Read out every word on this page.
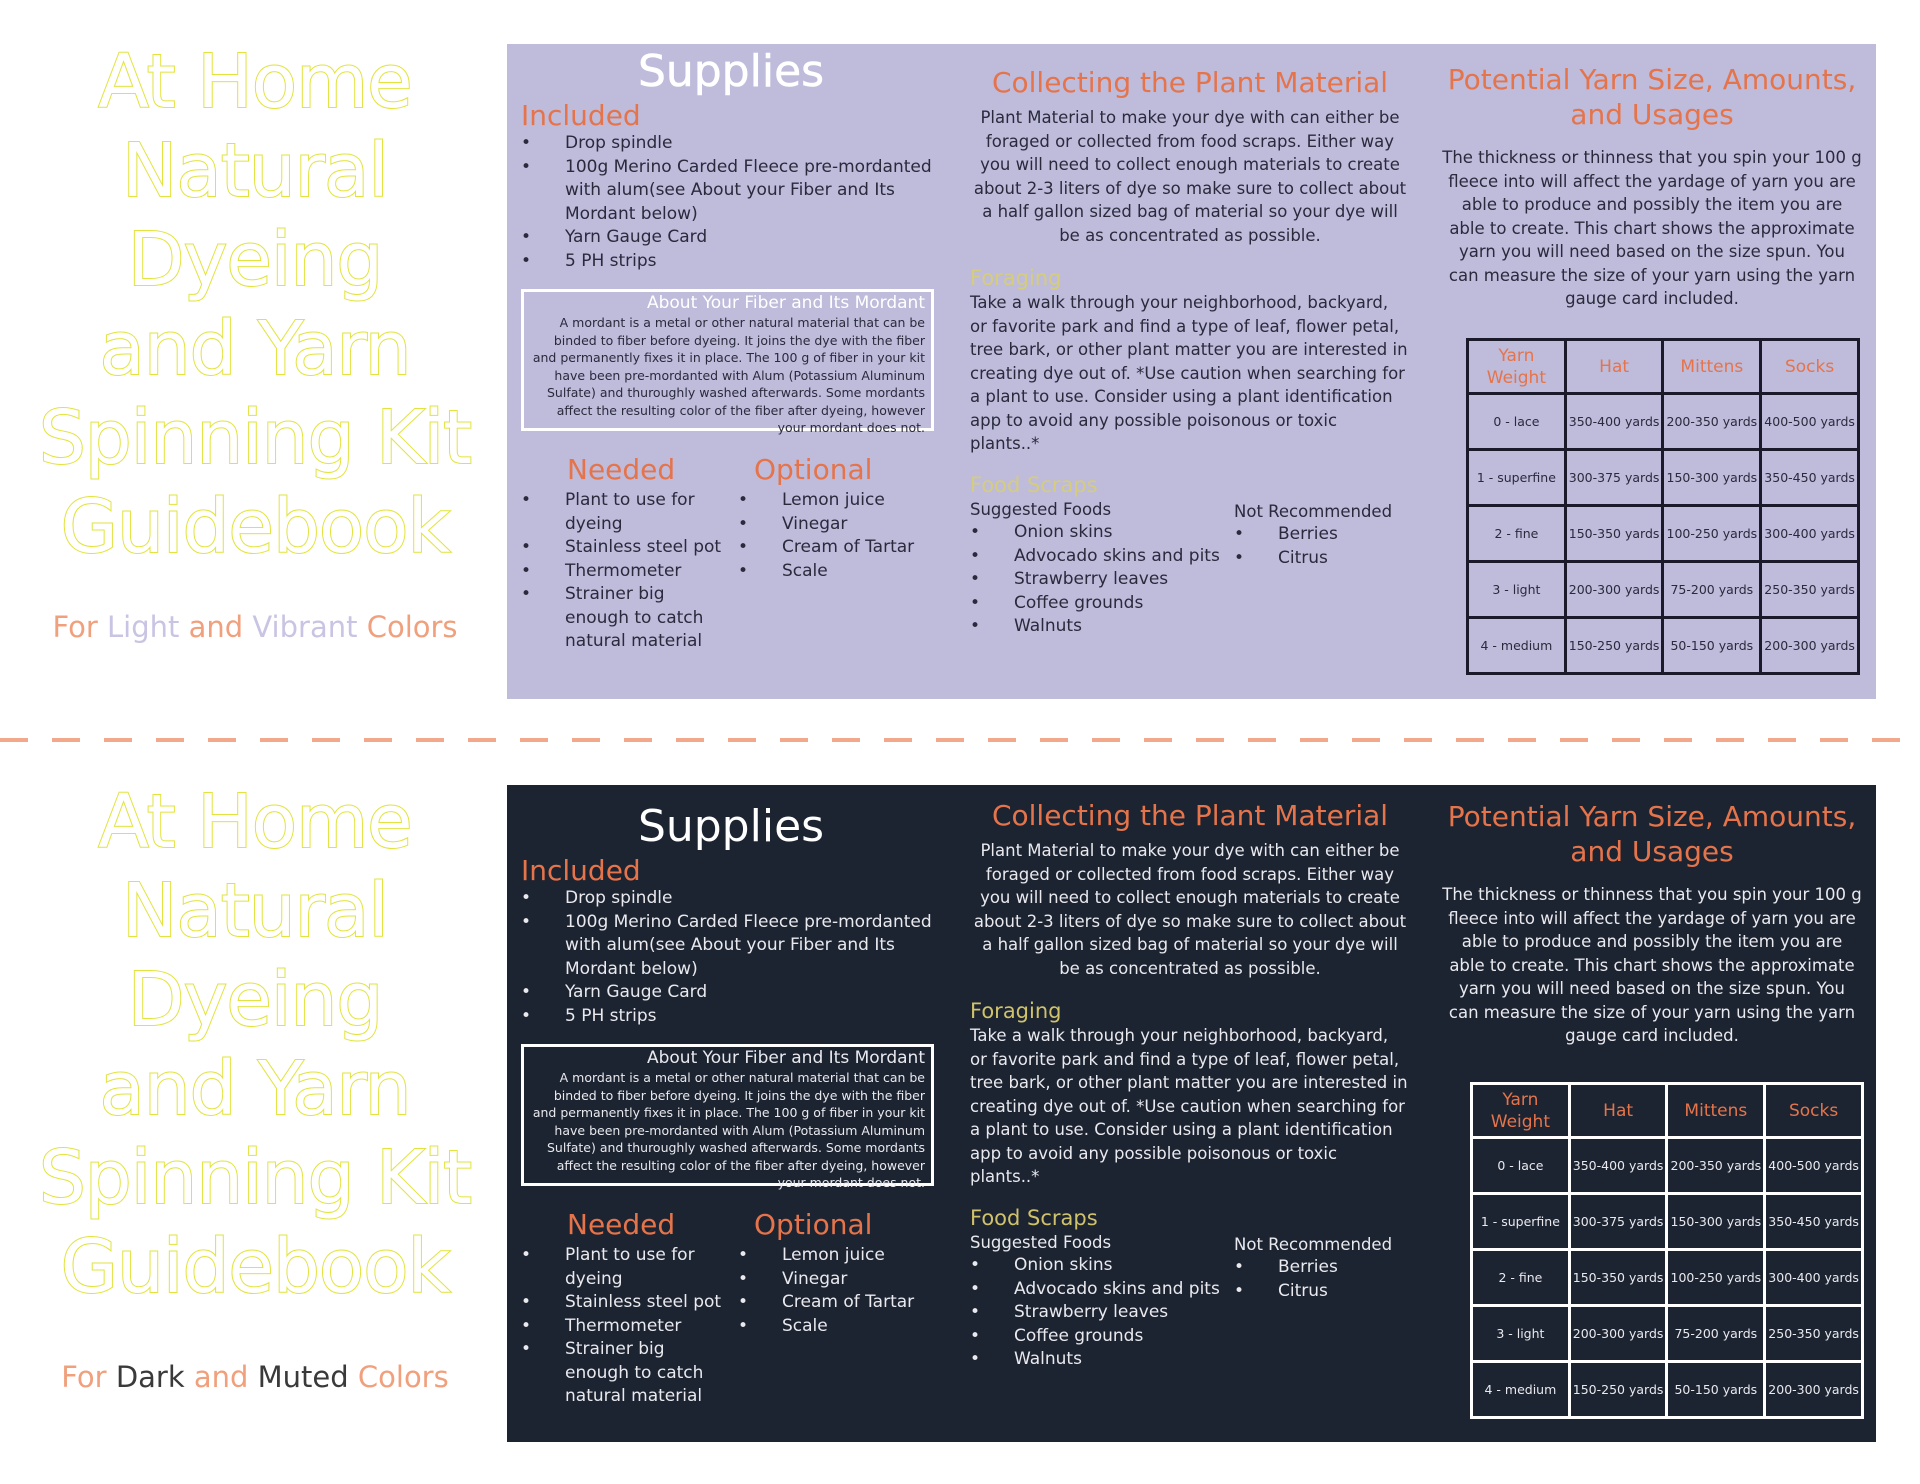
At Home
Natural
Dyeing
and Yarn
Spinning Kit
Guidebook
For Light and Vibrant Colors
Supplies
Included
• Drop spindle
• 100g Merino Carded Fleece pre-mordanted with alum(see About your Fiber and Its Mordant below)
• Yarn Gauge Card
• 5 PH strips
About Your Fiber and Its Mordant
A mordant is a metal or other natural material that can be binded to fiber before dyeing. It joins the dye with the fiber and permanently fixes it in place. The 100 g of fiber in your kit have been pre-mordanted with Alum (Potassium Aluminum Sulfate) and thuroughly washed afterwards. Some mordants affect the resulting color of the fiber after dyeing, however your mordant does not.
Needed
• Plant to use for dyeing
• Stainless steel pot
• Thermometer
• Strainer big enough to catch natural material
Optional
• Lemon juice
• Vinegar
• Cream of Tartar
• Scale
Collecting the Plant Material

Plant Material to make your dye with can either be foraged or collected from food scraps. Either way you will need to collect enough materials to create about 2-3 liters of dye so make sure to collect about a half gallon sized bag of material so your dye will be as concentrated as possible.

Foraging

Take a walk through your neighborhood, backyard, or favorite park and find a type of leaf, flower petal, tree bark, or other plant matter you are interested in creating dye out of. *Use caution when searching for a plant to use. Consider using a plant identification app to avoid any possible poisonous or toxic plants..*

Food Scraps
Suggested Foods
• Onion skins
• Advocado skins and pits
• Strawberry leaves
• Coffee grounds
• Walnuts
Not Recommended
• Berries
• Citrus
Potential Yarn Size, Amounts,
and Usages

The thickness or thinness that you spin your 100 g fleece into will affect the yardage of yarn you are able to produce and possibly the item you are able to create. This chart shows the approximate yarn you will need based on the size spun. You can measure the size of your yarn using the yarn gauge card included.

Yarn Weight	Hat	Mittens	Socks
0 - lace	350-400 yards	200-350 yards	400-500 yards
1 - superfine	300-375 yards	150-300 yards	350-450 yards
2 - fine	150-350 yards	100-250 yards	300-400 yards
3 - light	200-300 yards	75-200 yards	250-350 yards
4 - medium	150-250 yards	50-150 yards	200-300 yards
At Home
Natural
Dyeing
and Yarn
Spinning Kit
Guidebook
For Dark and Muted Colors
Supplies
Included
• Drop spindle
• 100g Merino Carded Fleece pre-mordanted with alum(see About your Fiber and Its Mordant below)
• Yarn Gauge Card
• 5 PH strips
About Your Fiber and Its Mordant
A mordant is a metal or other natural material that can be binded to fiber before dyeing. It joins the dye with the fiber and permanently fixes it in place. The 100 g of fiber in your kit have been pre-mordanted with Alum (Potassium Aluminum Sulfate) and thuroughly washed afterwards. Some mordants affect the resulting color of the fiber after dyeing, however your mordant does not.
Needed
• Plant to use for dyeing
• Stainless steel pot
• Thermometer
• Strainer big enough to catch natural material
Optional
• Lemon juice
• Vinegar
• Cream of Tartar
• Scale
Collecting the Plant Material

Plant Material to make your dye with can either be foraged or collected from food scraps. Either way you will need to collect enough materials to create about 2-3 liters of dye so make sure to collect about a half gallon sized bag of material so your dye will be as concentrated as possible.

Foraging

Take a walk through your neighborhood, backyard, or favorite park and find a type of leaf, flower petal, tree bark, or other plant matter you are interested in creating dye out of. *Use caution when searching for a plant to use. Consider using a plant identification app to avoid any possible poisonous or toxic plants..*

Food Scraps
Suggested Foods
• Onion skins
• Advocado skins and pits
• Strawberry leaves
• Coffee grounds
• Walnuts
Not Recommended
• Berries
• Citrus
Potential Yarn Size, Amounts,
and Usages

The thickness or thinness that you spin your 100 g fleece into will affect the yardage of yarn you are able to produce and possibly the item you are able to create. This chart shows the approximate yarn you will need based on the size spun. You can measure the size of your yarn using the yarn gauge card included.

Yarn Weight	Hat	Mittens	Socks
0 - lace	350-400 yards	200-350 yards	400-500 yards
1 - superfine	300-375 yards	150-300 yards	350-450 yards
2 - fine	150-350 yards	100-250 yards	300-400 yards
3 - light	200-300 yards	75-200 yards	250-350 yards
4 - medium	150-250 yards	50-150 yards	200-300 yards
